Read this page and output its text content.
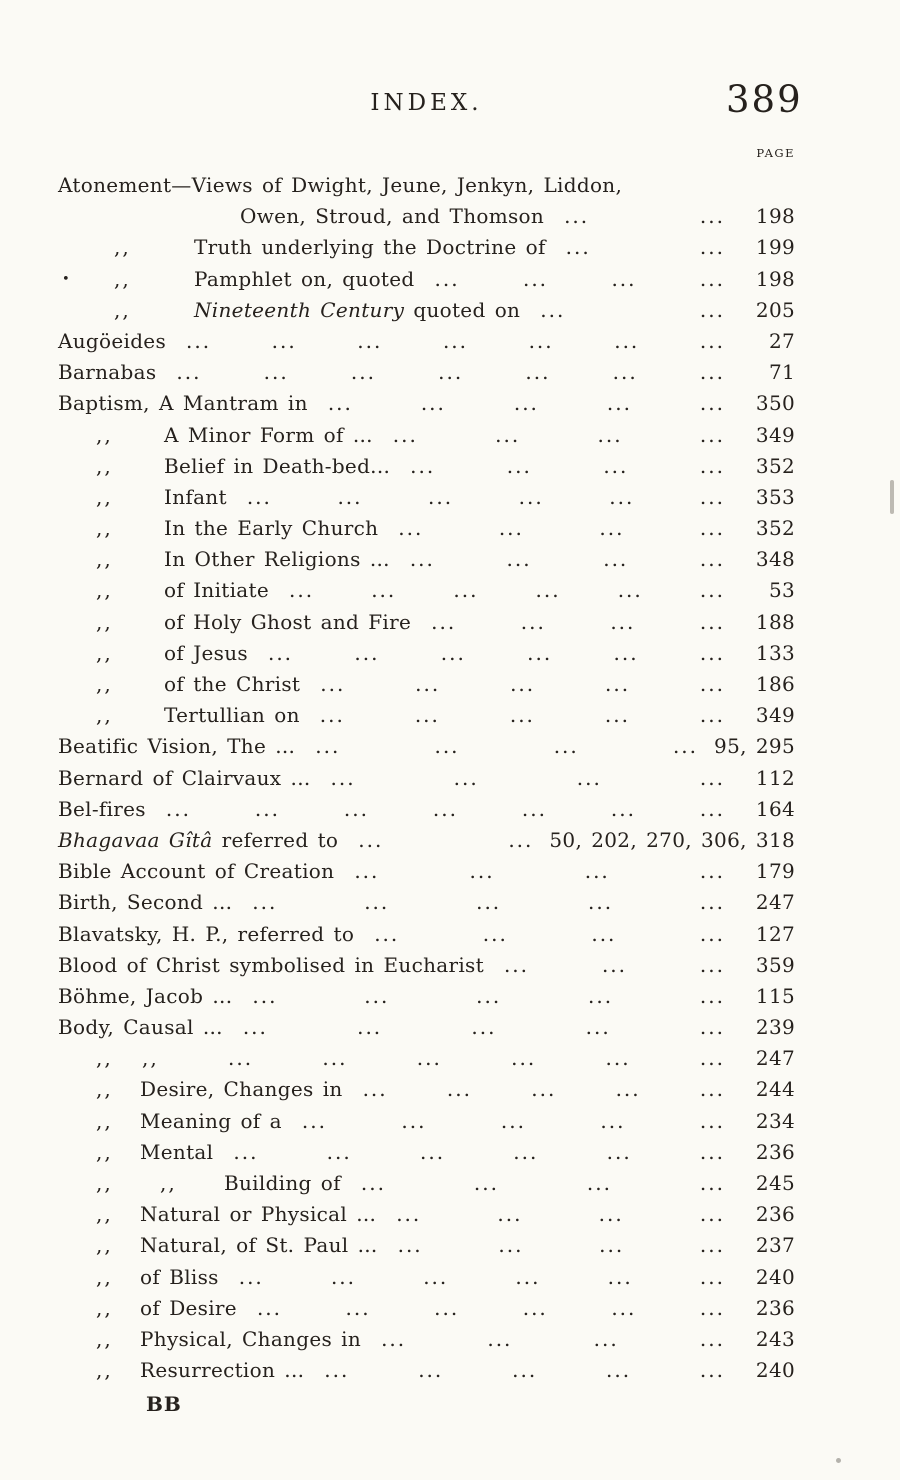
INDEX.	389
PAGE
Atonement—Views of Dwight, Jeune, Jenkyn, Liddon,
Owen, Stroud, and Thomson ...	...	198
,,	Truth underlying the Doctrine of ...	...	199
• ,,	Pamphlet on, quoted ...	...	...	...	198
,,	Nineteenth Century quoted on ...	...	205
Augöeides ...	...	...	...	...	...	...	27
Barnabas ...	...	...	...	...	...	...	71
Baptism, A Mantram in ...	...	...	...	...	350
,,	A Minor Form of ... ...	...	...	...	349
,,	Belief in Death-bed... ...	...	...	...	352
,,	Infant ...	...	...	...	...	...	353
,,	In the Early Church ...	...	...	...	352
,,	In Other Religions ... ...	...	...	...	348
,,	of Initiate ...	...	...	...	...	...	53
,,	of Holy Ghost and Fire ...	...	...	...	188
,,	of Jesus ...	...	...	...	...	...	133
,,	of the Christ ...	...	...	...	...	186
,,	Tertullian on ...	...	...	...	...	349
Beatific Vision, The ... ...	...	...	... 95, 295
Bernard of Clairvaux ... ...	...	...	...	112
Bel-fires ...	...	...	...	...	...	...	164
Bhagavaa Gîtâ referred to ...	... 50, 202, 270, 306, 318
Bible Account of Creation ...	...	...	...	179
Birth, Second ... ...	...	...	...	...	247
Blavatsky, H. P., referred to ...	...	...	...	127
Blood of Christ symbolised in Eucharist ...	...	...	359
Böhme, Jacob ... ...	...	...	...	...	115
Body, Causal ... ...	...	...	...	...	239
,, ,,	...	...	...	...	...	...	247
,, Desire, Changes in ...	...	...	...	...	244
,, Meaning of a ...	...	...	...	...	234
,, Mental ...	...	...	...	...	...	236
,, ,, Building of ...	...	...	...	245
,, Natural or Physical ... ...	...	...	...	236
,, Natural, of St. Paul ... ...	...	...	...	237
,, of Bliss ...	...	...	...	...	...	240
,, of Desire ...	...	...	...	...	...	236
,, Physical, Changes in ...	...	...	...	243
,, Resurrection ... ...	...	...	...	...	240
BB
